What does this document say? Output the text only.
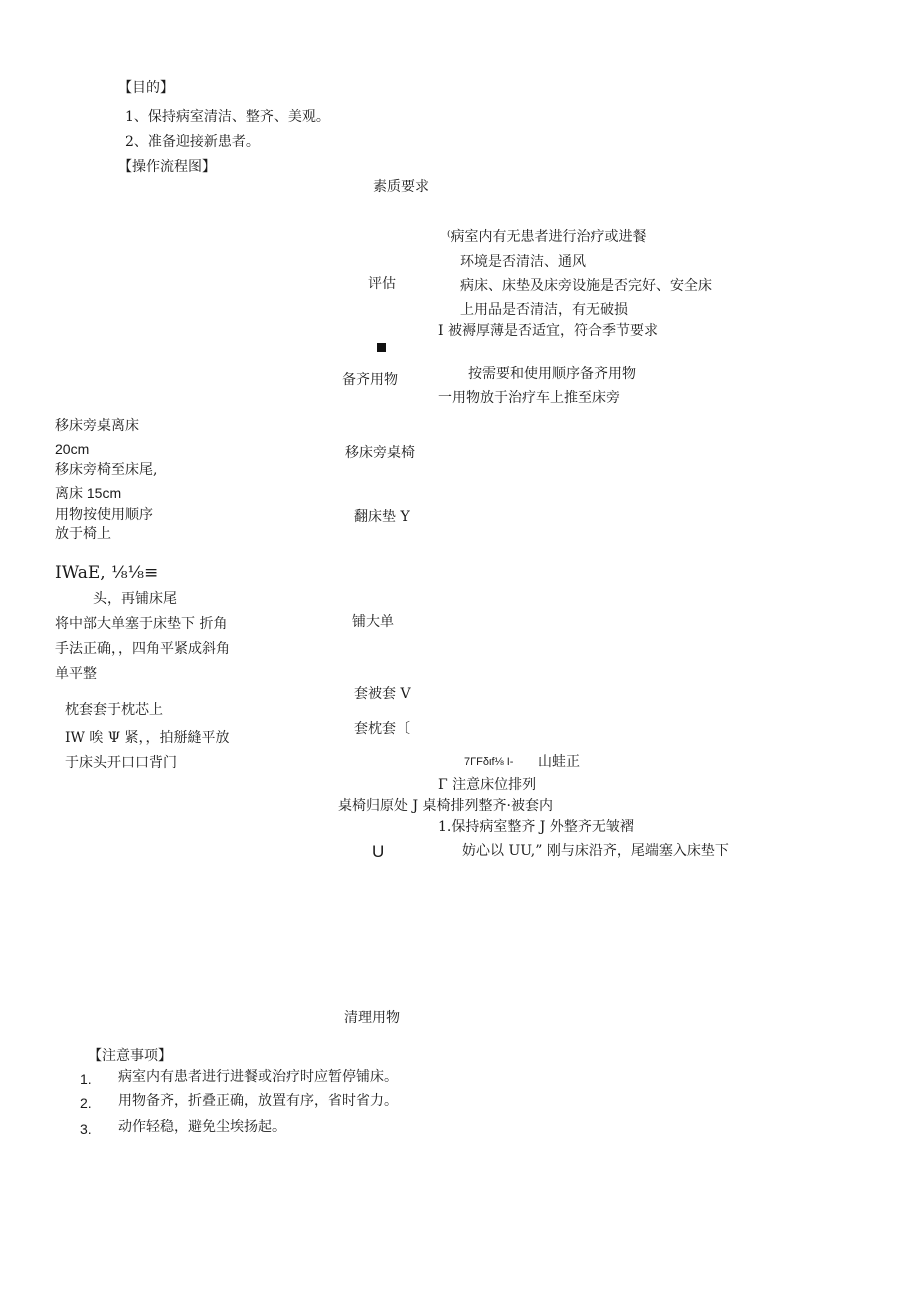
【目的】
1、保持病室清洁、整齐、美观。
2、准备迎接新患者。
【操作流程图】
素质要求
⁽病室内有无患者进行治疗或进餐
环境是否清洁、通风
评估	病床、床垫及床旁设施是否完好、安全床
上用品是否清洁，有无破损
I 被褥厚薄是否适宜，符合季节要求
按需要和使用顺序备齐用物
备齐用物
一用物放于治疗车上推至床旁
移床旁桌离床
20cm	移床旁桌椅
移床旁椅至床尾,
离床 15cm
用物按使用顺序	翻床垫 Y
放于椅上
IWaE, ⅛⅛≡
头，再铺床尾
将中部大单塞于床垫下 折角	铺大单
手法正确，，四角平紧成斜角
单平整
套被套 V
枕套套于枕芯上
套枕套〔
IW 唉 Ψ 紧，，拍掰縫平放
于床头开口口背门	7ΓFδιf⅛ I- 山蛙正
Γ 注意床位排列
桌椅归原处 J 桌椅排列整齐·被套内
1.保持病室整齐 J 外整齐无皱褶
U	妨心以 UU,” 刚与床沿齐，尾端塞入床垫下
清理用物
【注意事项】
1. 病室内有患者进行进餐或治疗时应暂停铺床。
2. 用物备齐，折叠正确，放置有序，省时省力。
3. 动作轻稳，避免尘埃扬起。
